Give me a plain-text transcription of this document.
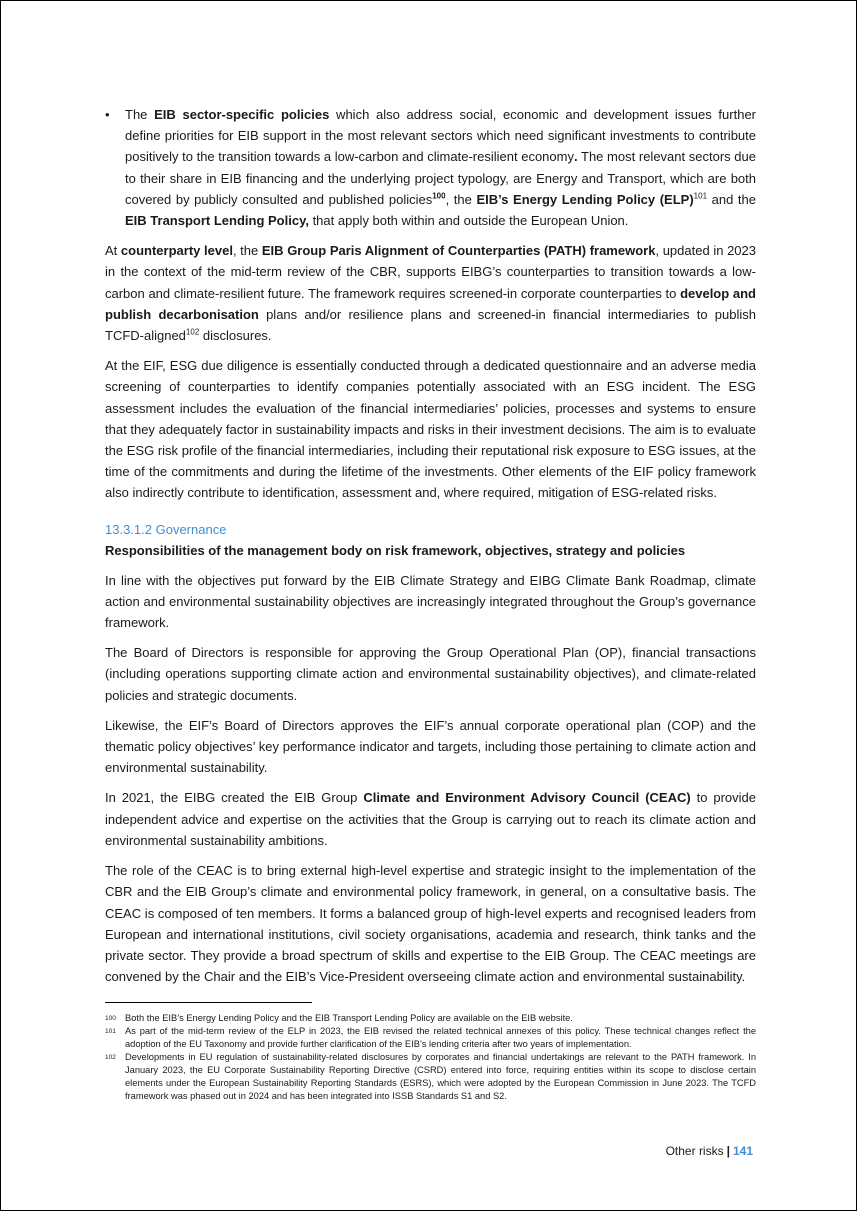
•	The EIB sector-specific policies which also address social, economic and development issues further define priorities for EIB support in the most relevant sectors which need significant investments to contribute positively to the transition towards a low-carbon and climate-resilient economy. The most relevant sectors due to their share in EIB financing and the underlying project typology, are Energy and Transport, which are both covered by publicly consulted and published policies$^{100}$, the EIB’s Energy Lending Policy (ELP)$^{101}$ and the EIB Transport Lending Policy, that apply both within and outside the European Union.

At counterparty level, the EIB Group Paris Alignment of Counterparties (PATH) framework, updated in 2023 in the context of the mid-term review of the CBR, supports EIBG’s counterparties to transition towards a low-carbon and climate-resilient future. The framework requires screened-in corporate counterparties to develop and publish decarbonisation plans and/or resilience plans and screened-in financial intermediaries to publish TCFD-aligned$^{102}$ disclosures.

At the EIF, ESG due diligence is essentially conducted through a dedicated questionnaire and an adverse media screening of counterparties to identify companies potentially associated with an ESG incident. The ESG assessment includes the evaluation of the financial intermediaries’ policies, processes and systems to ensure that they adequately factor in sustainability impacts and risks in their investment decisions. The aim is to evaluate the ESG risk profile of the financial intermediaries, including their reputational risk exposure to ESG issues, at the time of the commitments and during the lifetime of the investments. Other elements of the EIF policy framework also indirectly contribute to identification, assessment and, where required, mitigation of ESG-related risks.

13.3.1.2 Governance
Responsibilities of the management body on risk framework, objectives, strategy and policies

In line with the objectives put forward by the EIB Climate Strategy and EIBG Climate Bank Roadmap, climate action and environmental sustainability objectives are increasingly integrated throughout the Group’s governance framework.

The Board of Directors is responsible for approving the Group Operational Plan (OP), financial transactions (including operations supporting climate action and environmental sustainability objectives), and climate-related policies and strategic documents.

Likewise, the EIF’s Board of Directors approves the EIF’s annual corporate operational plan (COP) and the thematic policy objectives’ key performance indicator and targets, including those pertaining to climate action and environmental sustainability.

In 2021, the EIBG created the EIB Group Climate and Environment Advisory Council (CEAC) to provide independent advice and expertise on the activities that the Group is carrying out to reach its climate action and environmental sustainability ambitions.

The role of the CEAC is to bring external high-level expertise and strategic insight to the implementation of the CBR and the EIB Group’s climate and environmental policy framework, in general, on a consultative basis. The CEAC is composed of ten members. It forms a balanced group of high-level experts and recognised leaders from European and international institutions, civil society organisations, academia and research, think tanks and the private sector. They provide a broad spectrum of skills and expertise to the EIB Group. The CEAC meetings are convened by the Chair and the EIB’s Vice-President overseeing climate action and environmental sustainability.

100 Both the EIB’s Energy Lending Policy and the EIB Transport Lending Policy are available on the EIB website.
101 As part of the mid-term review of the ELP in 2023, the EIB revised the related technical annexes of this policy. These technical changes reflect the adoption of the EU Taxonomy and provide further clarification of the EIB’s lending criteria after two years of implementation.
102 Developments in EU regulation of sustainability-related disclosures by corporates and financial undertakings are relevant to the PATH framework. In January 2023, the EU Corporate Sustainability Reporting Directive (CSRD) entered into force, requiring entities within its scope to disclose certain elements under the European Sustainability Reporting Standards (ESRS), which were adopted by the European Commission in June 2023. The TCFD framework was phased out in 2024 and has been integrated into ISSB Standards S1 and S2.
Other risks | 141
